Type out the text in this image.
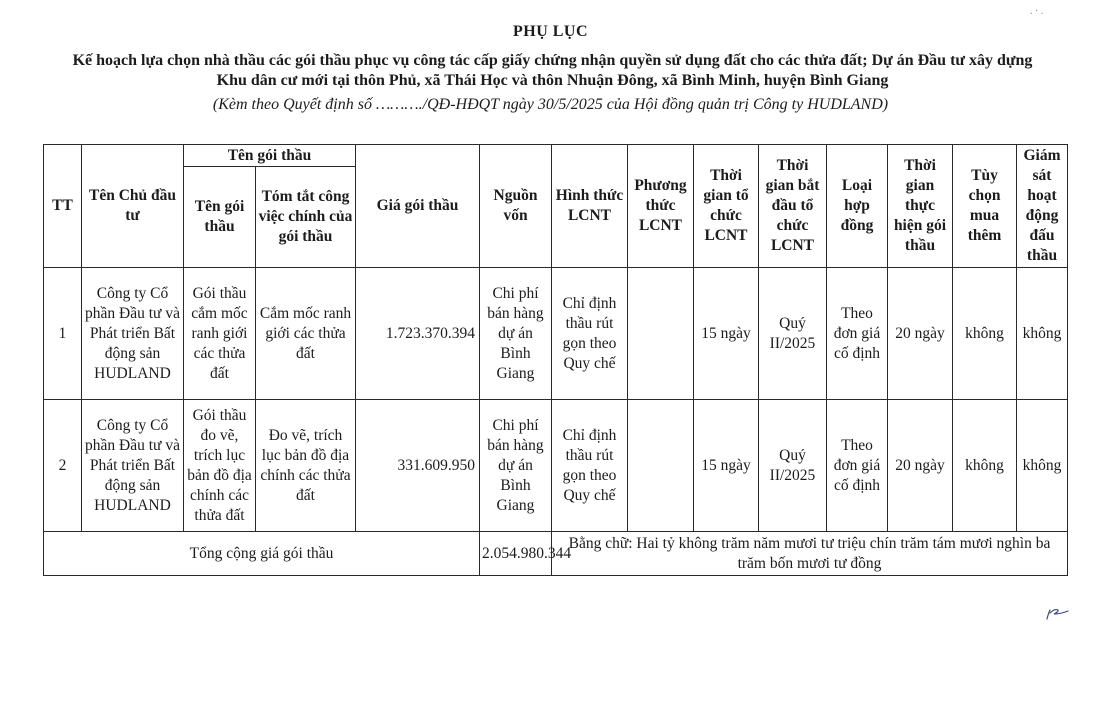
. · .
PHỤ LỤC
Kế hoạch lựa chọn nhà thầu các gói thầu phục vụ công tác cấp giấy chứng nhận quyền sử dụng đất cho các thửa đất; Dự án Đầu tư xây dựng Khu dân cư mới tại thôn Phủ, xã Thái Học và thôn Nhuận Đông, xã Bình Minh, huyện Bình Giang
(Kèm theo Quyết định số ………./QĐ-HĐQT ngày 30/5/2025 của Hội đồng quản trị Công ty HUDLAND)
TT	Tên Chủ đầu tư	Tên gói thầu		Giá gói thầu	Nguồn vốn	Hình thức LCNT	Phương thức LCNT	Thời gian tổ chức LCNT	Thời gian bắt đầu tổ chức LCNT	Loại hợp đồng	Thời gian thực hiện gói thầu	Tùy chọn mua thêm	Giám sát hoạt động đấu thầu
		Tên gói thầu	Tóm tắt công việc chính của gói thầu										
1	Công ty Cổ phần Đầu tư và Phát triển Bất động sản HUDLAND	Gói thầu cắm mốc ranh giới các thửa đất	Cắm mốc ranh giới các thửa đất	1.723.370.394	Chi phí bán hàng dự án Bình Giang	Chỉ định thầu rút gọn theo Quy chế		15 ngày	Quý II/2025	Theo đơn giá cố định	20 ngày	không	không
2	Công ty Cổ phần Đầu tư và Phát triển Bất động sản HUDLAND	Gói thầu đo vẽ, trích lục bản đồ địa chính các thửa đất	Đo vẽ, trích lục bản đồ địa chính các thửa đất	331.609.950	Chi phí bán hàng dự án Bình Giang	Chỉ định thầu rút gọn theo Quy chế		15 ngày	Quý II/2025	Theo đơn giá cố định	20 ngày	không	không
Tổng cộng giá gói thầu					2.054.980.344	Bằng chữ: Hai tỷ không trăm năm mươi tư triệu chín trăm tám mươi nghìn ba trăm bốn mươi tư đồng							
